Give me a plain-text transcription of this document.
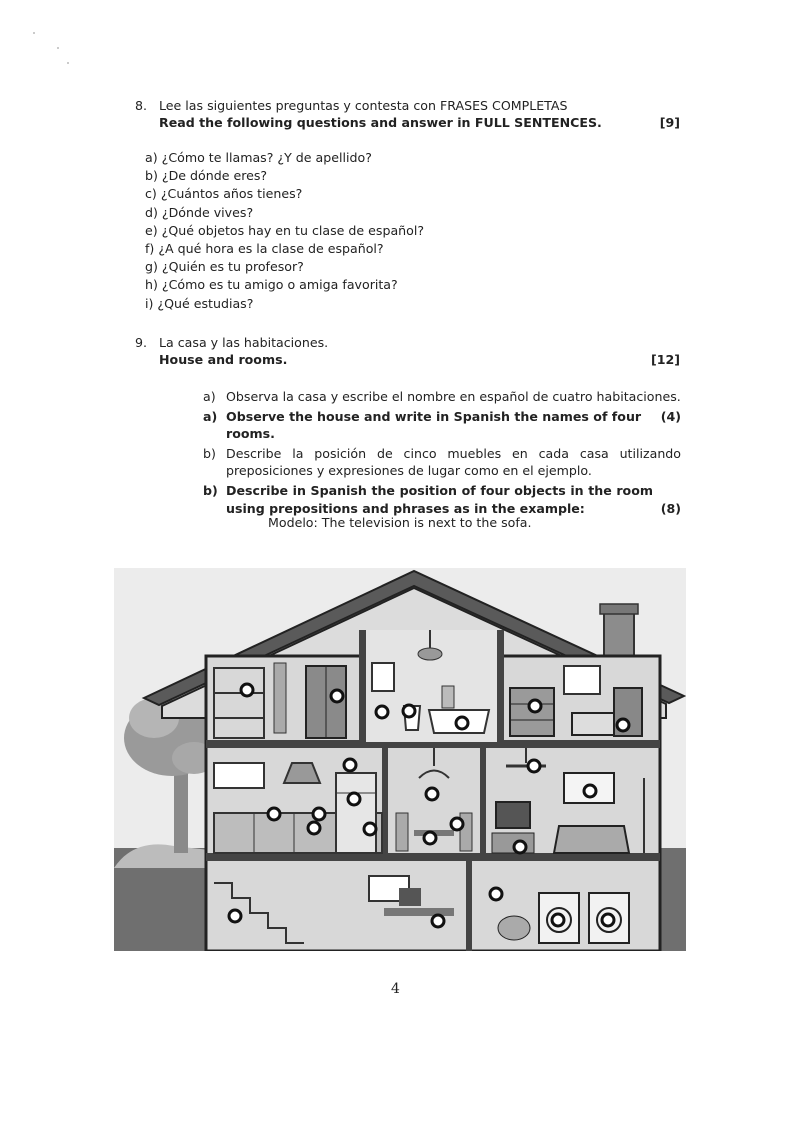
8. Lee las siguientes preguntas y contesta con FRASES COMPLETAS
Read the following questions and answer in FULL SENTENCES.	[9]
a) ¿Cómo te llamas? ¿Y de apellido?
b) ¿De dónde eres?
c) ¿Cuántos años tienes?
d) ¿Dónde vives?
e) ¿Qué objetos hay en tu clase de español?
f) ¿A qué hora es la clase de español?
g) ¿Quién es tu profesor?
h) ¿Cómo es tu amigo o amiga favorita?
i) ¿Qué estudias?
9. La casa y las habitaciones.
House and rooms.	[12]
a) Observa la casa y escribe el nombre en español de cuatro habitaciones.
a) Observe the house and write in Spanish the names of four rooms.
(4)
b) Describe la posición de cinco muebles en cada casa utilizando preposiciones y expresiones de lugar como en el ejemplo.
b) Describe in Spanish the position of four objects in the room using prepositions and phrases as in the example:	(8)
Modelo: The television is next to the sofa.
4
